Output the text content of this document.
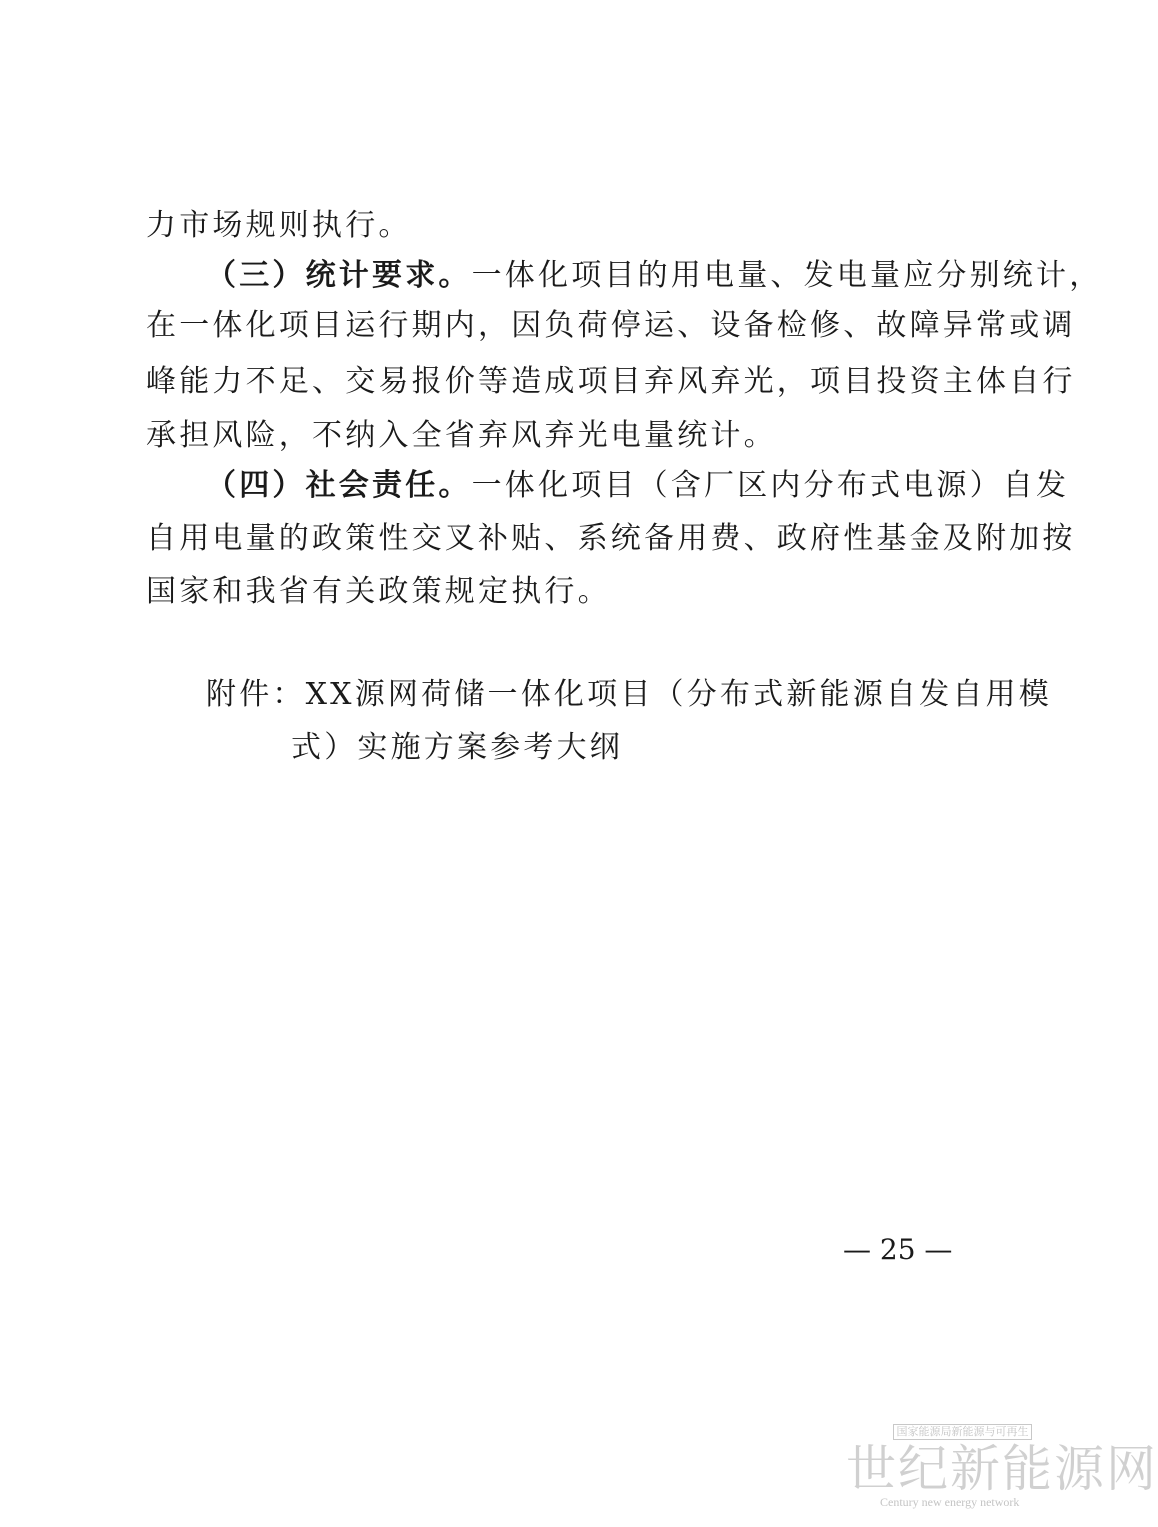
力市场规则执行。
（三）统计要求。一体化项目的用电量、发电量应分别统计，
在一体化项目运行期内，因负荷停运、设备检修、故障异常或调
峰能力不足、交易报价等造成项目弃风弃光，项目投资主体自行
承担风险，不纳入全省弃风弃光电量统计。
（四）社会责任。一体化项目（含厂区内分布式电源）自发
自用电量的政策性交叉补贴、系统备用费、政府性基金及附加按
国家和我省有关政策规定执行。
附件：XX源网荷储一体化项目（分布式新能源自发自用模
式）实施方案参考大纲
— 25 —
国家能源局新能源与可再生
世纪新能源网
Century new energy network
